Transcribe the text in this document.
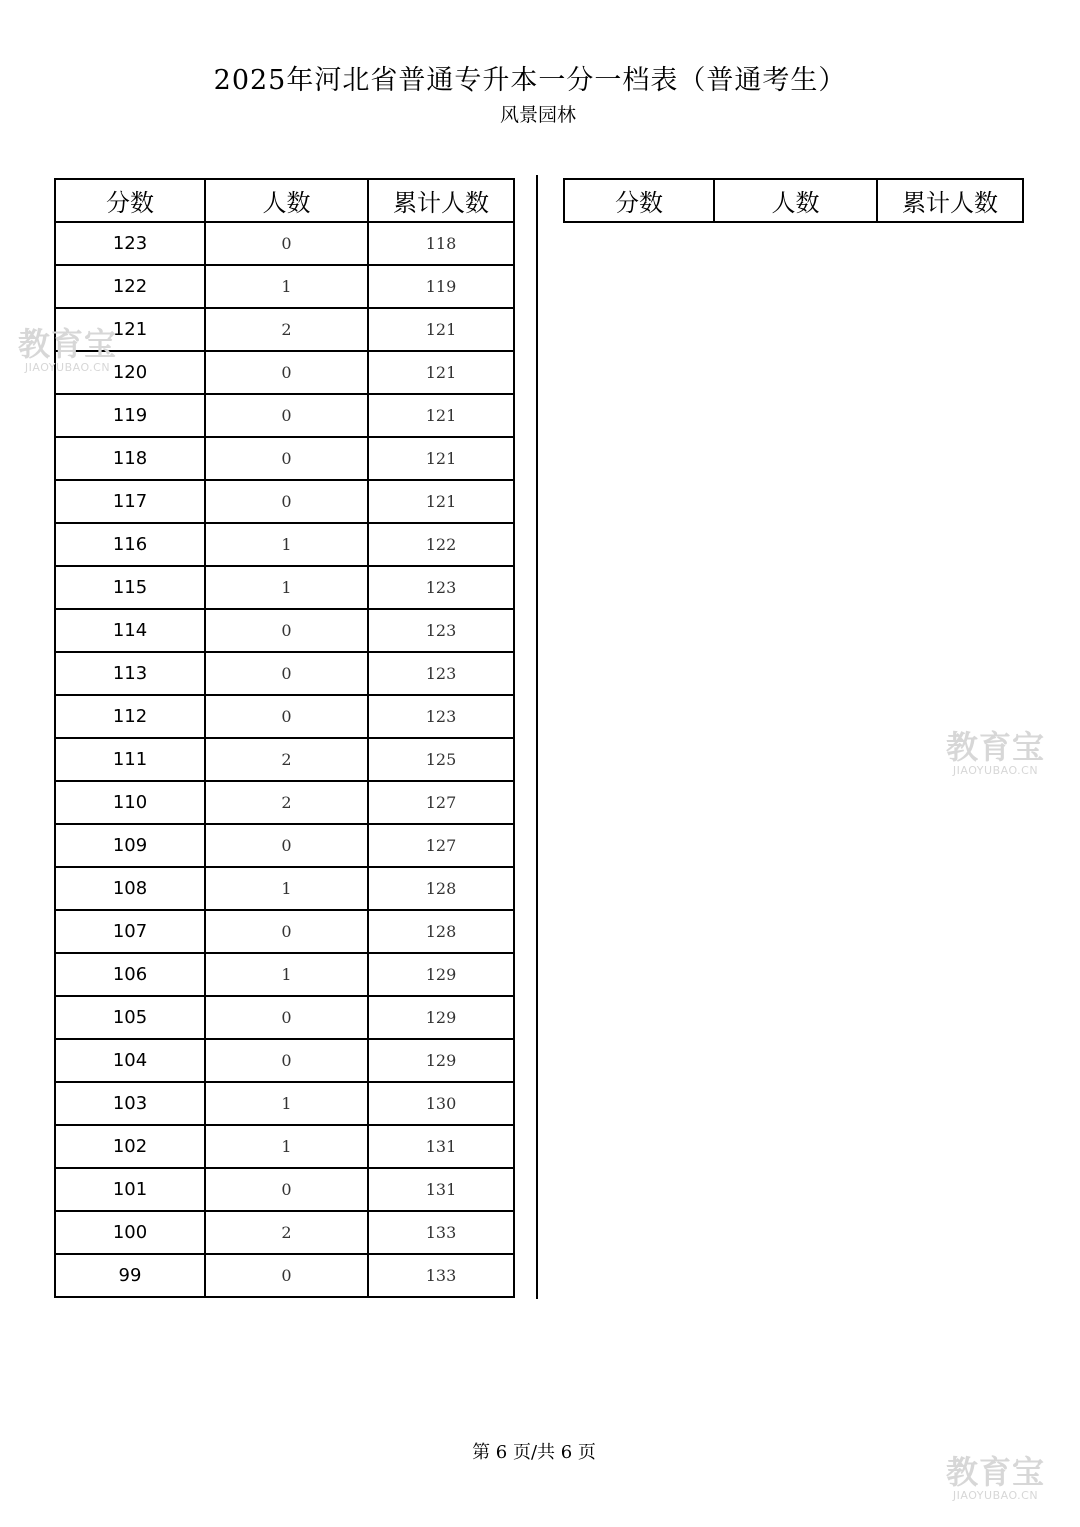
2025年河北省普通专升本一分一档表（普通考生）
风景园林
分数	人数	累计人数
123	0	118
122	1	119
121	2	121
120	0	121
119	0	121
118	0	121
117	0	121
116	1	122
115	1	123
114	0	123
113	0	123
112	0	123
111	2	125
110	2	127
109	0	127
108	1	128
107	0	128
106	1	129
105	0	129
104	0	129
103	1	130
102	1	131
101	0	131
100	2	133
99	0	133
分数	人数	累计人数
第 6 页/共 6 页
教育宝
JIAOYUBAO.CN
教育宝
JIAOYUBAO.CN
教育宝
JIAOYUBAO.CN
